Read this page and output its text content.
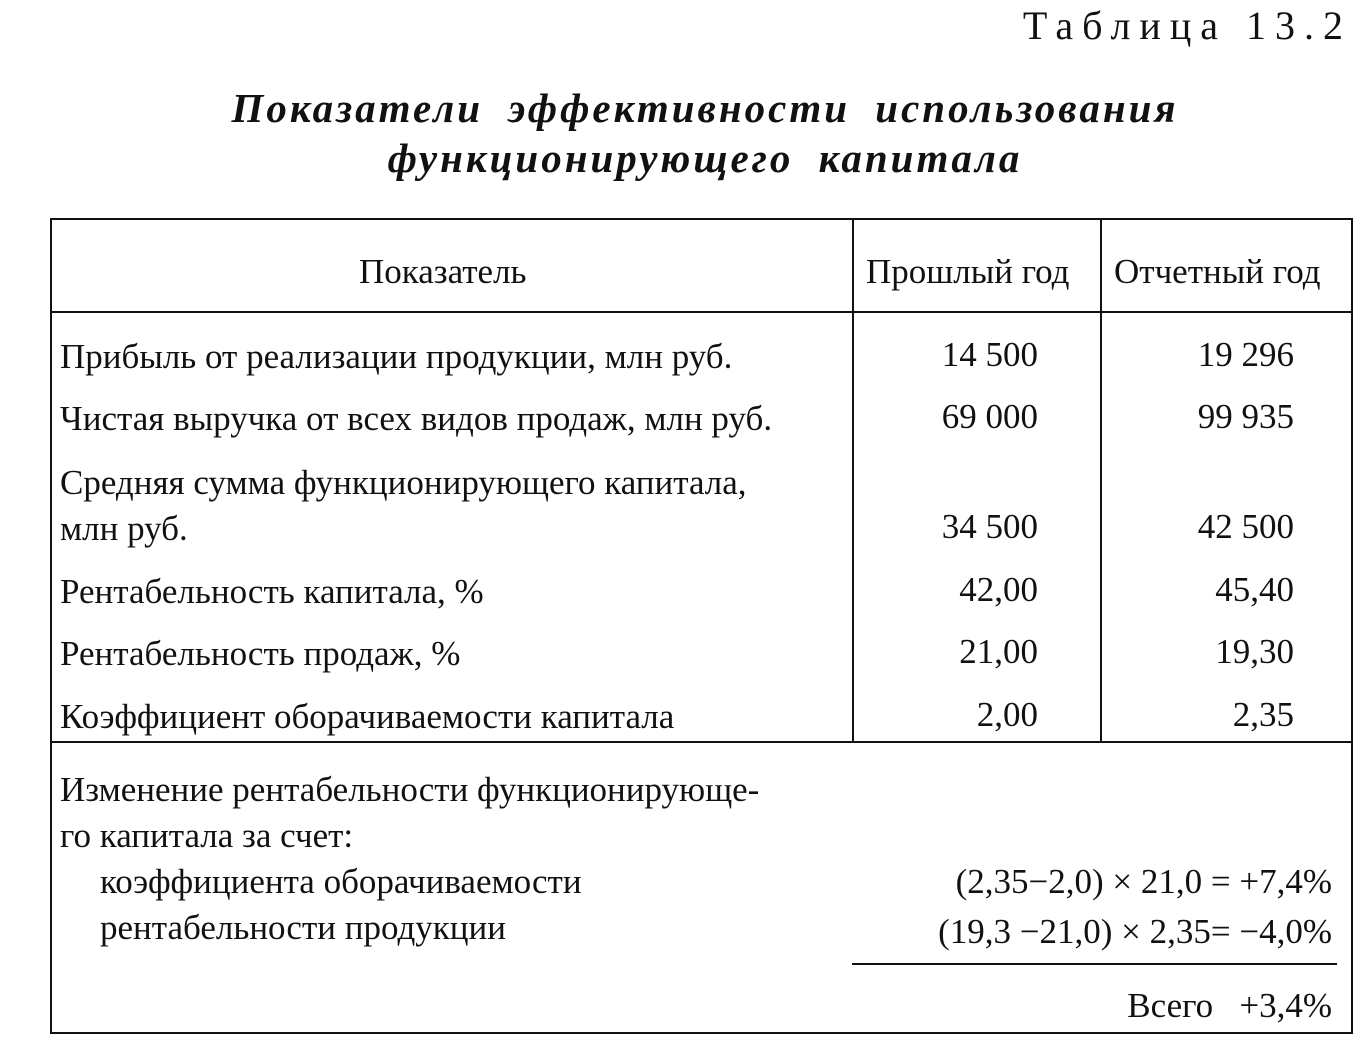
Таблица 13.2
Показатели эффективности использования
функционирующего капитала
Показатель	Прошлый год Отчетный год
Прибыль от реализации продукции, млн руб.	14 500	19 296
Чистая выручка от всех видов продаж, млн руб.	69 000	99 935
Средняя сумма функционирующего капитала,
млн руб.	34 500	42 500
Рентабельность капитала, %	42,00	45,40
Рентабельность продаж, %	21,00	19,30
Коэффициент оборачиваемости капитала	2,00	2,35
Изменение рентабельности функционирующе-
го капитала за счет:
коэффициента оборачиваемости	(2,35−2,0) × 21,0 = +7,4%
рентабельности продукции	(19,3 −21,0) × 2,35= −4,0%
Всего   +3,4%
